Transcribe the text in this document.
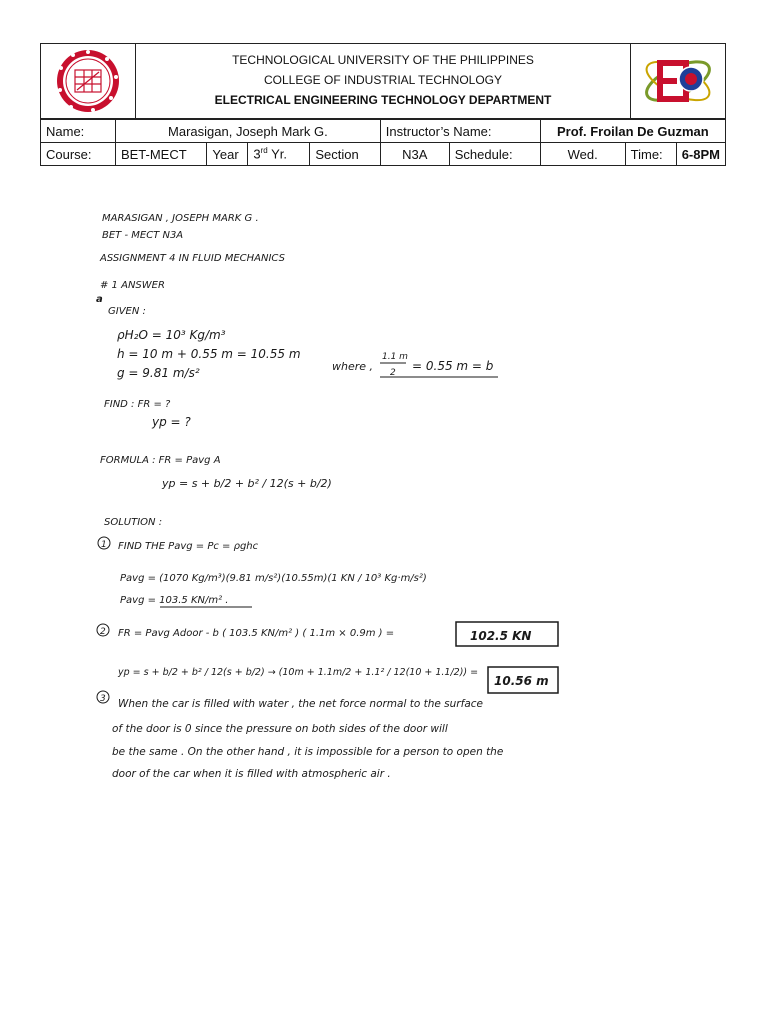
TECHNOLOGICAL UNIVERSITY OF THE PHILIPPINES
COLLEGE OF INDUSTRIAL TECHNOLOGY
ELECTRICAL ENGINEERING TECHNOLOGY DEPARTMENT
Name:	Marasigan, Joseph Mark G.				Instructor’s Name:		Prof. Froilan De Guzman		
Course:	BET-MECT	Year	3rd Yr.	Section	N3A	Schedule:	Wed.	Time:	6-8PM
MARASIGAN , JOSEPH MARK G .
BET - MECT N3A
ASSIGNMENT 4 IN FLUID MECHANICS
# 1 ANSWER
a
GIVEN :
ρH₂O = 10³ Kg/m³
h = 10 m + 0.55 m = 10.55 m
where ,
1.1 m
2 = 0.55 m = b
g = 9.81 m/s²
FIND : FR = ?
yp = ?
FORMULA : FR = Pavg A
yp = s + b/2 + b² / 12(s + b/2)
SOLUTION :
1 FIND THE Pavg = Pc = ρghc
Pavg = (1070 Kg/m³)(9.81 m/s²)(10.55m)(1 KN / 10³ Kg·m/s²)
Pavg = 103.5 KN/m² .
2 FR = Pavg Adoor - b ( 103.5 KN/m² ) ( 1.1m × 0.9m ) =	102.5 KN
yp = s + b/2 + b² / 12(s + b/2) → (10m + 1.1m/2 + 1.1² / 12(10 + 1.1/2)) =
10.56 m
3 When the car is filled with water , the net force normal to the surface
of the door is 0 since the pressure on both sides of the door will
be the same . On the other hand , it is impossible for a person to open the
door of the car when it is filled with atmospheric air .
